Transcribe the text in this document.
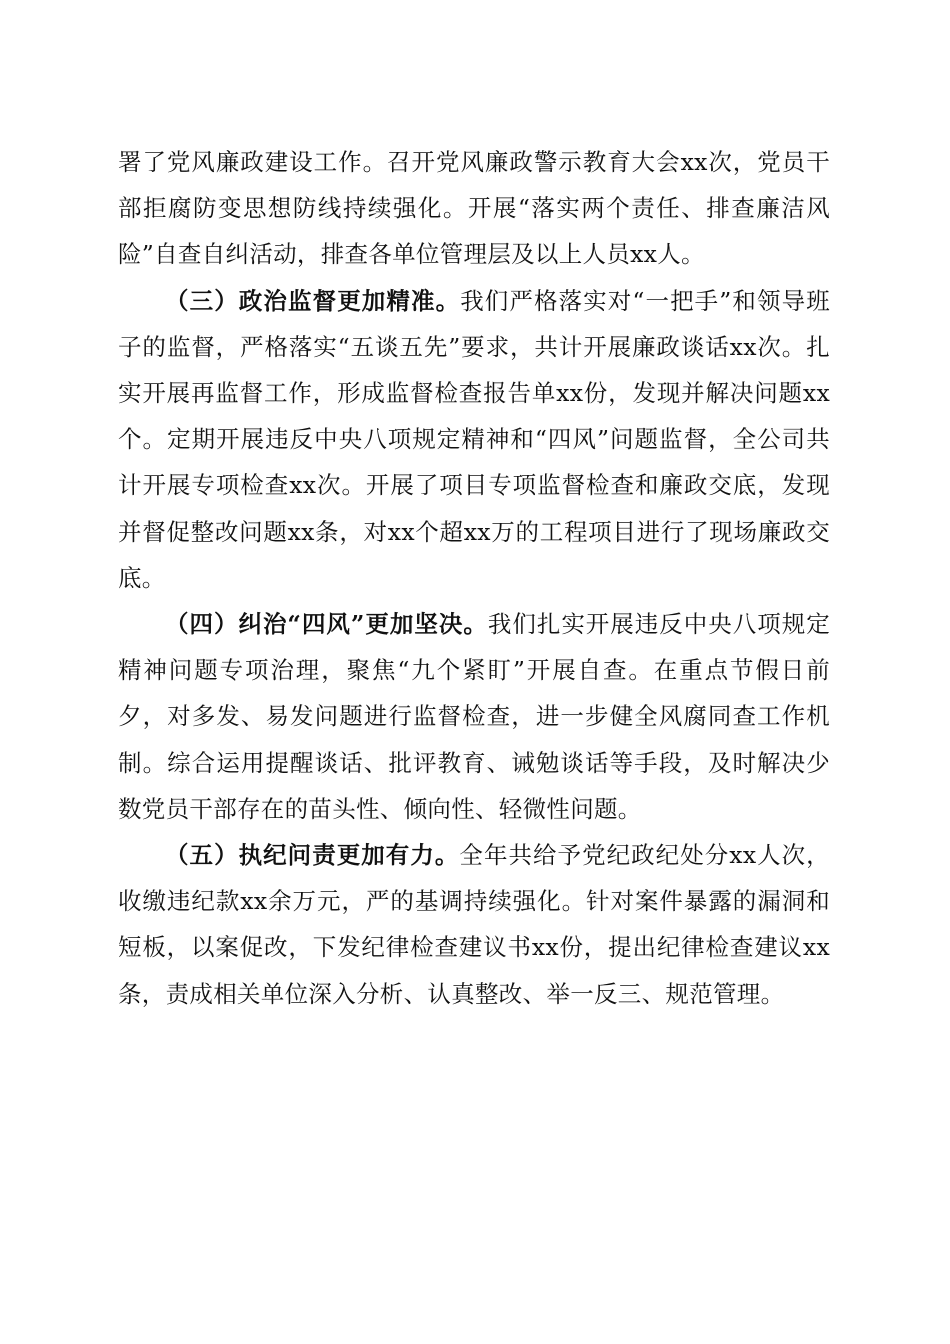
署了党风廉政建设工作。召开党风廉政警示教育大会xx次，党员干部拒腐防变思想防线持续强化。开展“落实两个责任、排查廉洁风险”自查自纠活动，排查各单位管理层及以上人员xx人。

（三）政治监督更加精准。我们严格落实对“一把手”和领导班子的监督，严格落实“五谈五先”要求，共计开展廉政谈话xx次。扎实开展再监督工作，形成监督检查报告单xx份，发现并解决问题xx个。定期开展违反中央八项规定精神和“四风”问题监督，全公司共计开展专项检查xx次。开展了项目专项监督检查和廉政交底，发现并督促整改问题xx条，对xx个超xx万的工程项目进行了现场廉政交底。

（四）纠治“四风”更加坚决。我们扎实开展违反中央八项规定精神问题专项治理，聚焦“九个紧盯”开展自查。在重点节假日前夕，对多发、易发问题进行监督检查，进一步健全风腐同查工作机制。综合运用提醒谈话、批评教育、诫勉谈话等手段，及时解决少数党员干部存在的苗头性、倾向性、轻微性问题。

（五）执纪问责更加有力。全年共给予党纪政纪处分xx人次，收缴违纪款xx余万元，严的基调持续强化。针对案件暴露的漏洞和短板，以案促改，下发纪律检查建议书xx份，提出纪律检查建议xx条，责成相关单位深入分析、认真整改、举一反三、规范管理。
